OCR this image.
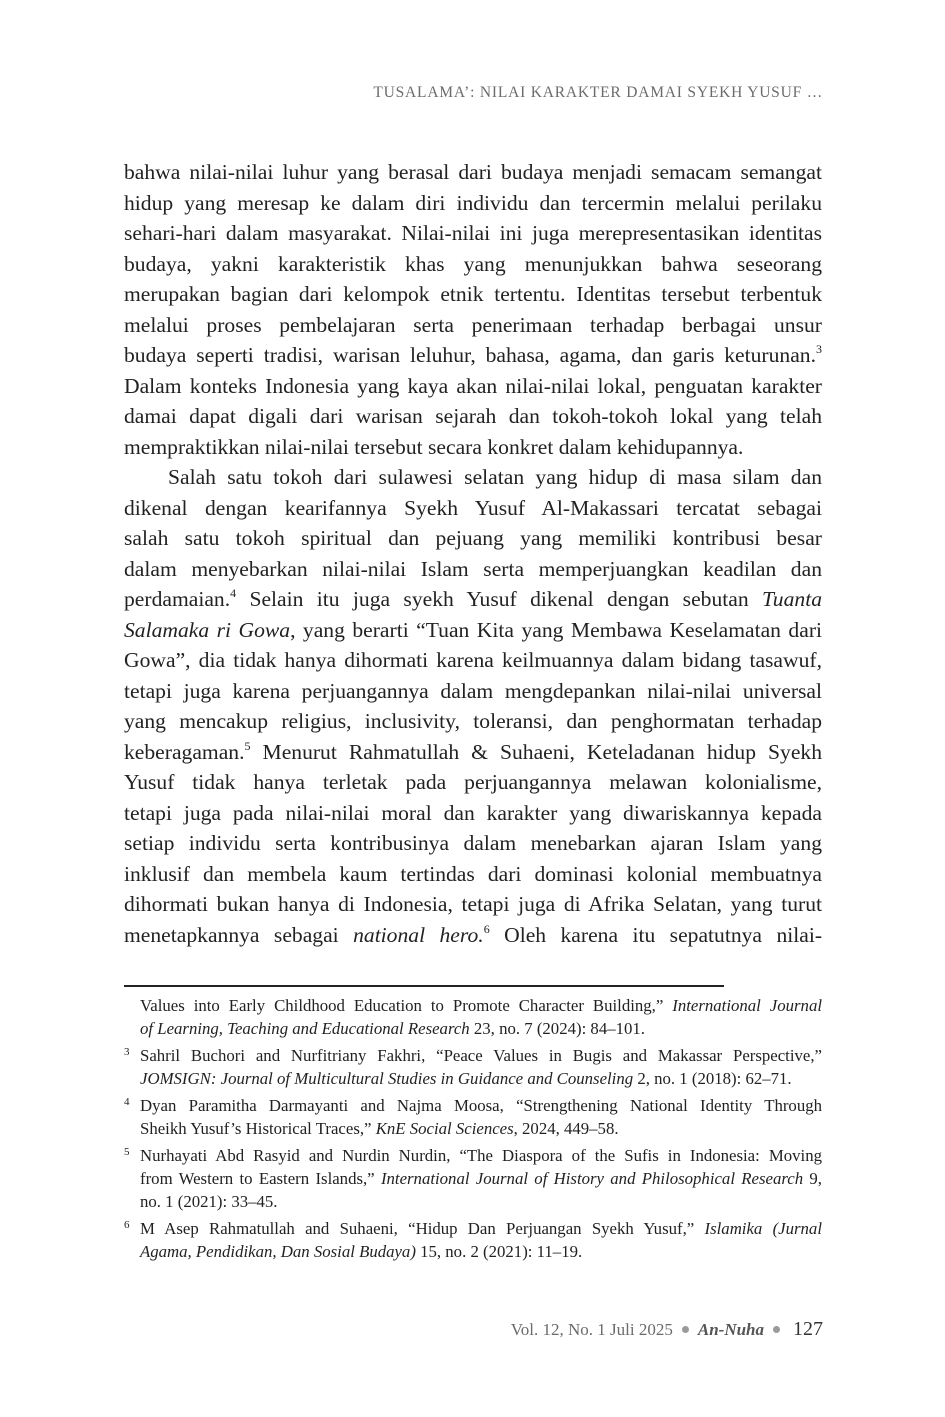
TUSALAMA’: NILAI KARAKTER DAMAI SYEKH YUSUF …
bahwa nilai-nilai luhur yang berasal dari budaya menjadi semacam semangat
hidup yang meresap ke dalam diri individu dan tercermin melalui perilaku
sehari-hari dalam masyarakat. Nilai-nilai ini juga merepresentasikan identitas
budaya, yakni karakteristik khas yang menunjukkan bahwa seseorang
merupakan bagian dari kelompok etnik tertentu. Identitas tersebut terbentuk
melalui proses pembelajaran serta penerimaan terhadap berbagai unsur
budaya seperti tradisi, warisan leluhur, bahasa, agama, dan garis keturunan.$^3$
Dalam konteks Indonesia yang kaya akan nilai-nilai lokal, penguatan karakter
damai dapat digali dari warisan sejarah dan tokoh-tokoh lokal yang telah
mempraktikkan nilai-nilai tersebut secara konkret dalam kehidupannya.
Salah satu tokoh dari sulawesi selatan yang hidup di masa silam dan
dikenal dengan kearifannya Syekh Yusuf Al-Makassari tercatat sebagai
salah satu tokoh spiritual dan pejuang yang memiliki kontribusi besar
dalam menyebarkan nilai-nilai Islam serta memperjuangkan keadilan dan
perdamaian.$^4$ Selain itu juga syekh Yusuf dikenal dengan sebutan Tuanta
Salamaka ri Gowa, yang berarti “Tuan Kita yang Membawa Keselamatan dari
Gowa”, dia tidak hanya dihormati karena keilmuannya dalam bidang tasawuf,
tetapi juga karena perjuangannya dalam mengdepankan nilai-nilai universal
yang mencakup religius, inclusivity, toleransi, dan penghormatan terhadap
keberagaman.$^5$ Menurut Rahmatullah & Suhaeni, Keteladanan hidup Syekh
Yusuf tidak hanya terletak pada perjuangannya melawan kolonialisme,
tetapi juga pada nilai-nilai moral dan karakter yang diwariskannya kepada
setiap individu serta kontribusinya dalam menebarkan ajaran Islam yang
inklusif dan membela kaum tertindas dari dominasi kolonial membuatnya
dihormati bukan hanya di Indonesia, tetapi juga di Afrika Selatan, yang turut
menetapkannya sebagai national hero.$^6$ Oleh karena itu sepatutnya nilai-
Values into Early Childhood Education to Promote Character Building,” International Journal
of Learning, Teaching and Educational Research 23, no. 7 (2024): 84–101.
3 Sahril Buchori and Nurfitriany Fakhri, “Peace Values in Bugis and Makassar Perspective,”
JOMSIGN: Journal of Multicultural Studies in Guidance and Counseling 2, no. 1 (2018): 62–71.
4 Dyan Paramitha Darmayanti and Najma Moosa, “Strengthening National Identity Through
Sheikh Yusuf’s Historical Traces,” KnE Social Sciences, 2024, 449–58.
5 Nurhayati Abd Rasyid and Nurdin Nurdin, “The Diaspora of the Sufis in Indonesia: Moving
from Western to Eastern Islands,” International Journal of History and Philosophical Research 9,
no. 1 (2021): 33–45.
6 M Asep Rahmatullah and Suhaeni, “Hidup Dan Perjuangan Syekh Yusuf,” Islamika (Jurnal
Agama, Pendidikan, Dan Sosial Budaya) 15, no. 2 (2021): 11–19.
Vol. 12, No. 1 Juli 2025 An-Nuha 127
